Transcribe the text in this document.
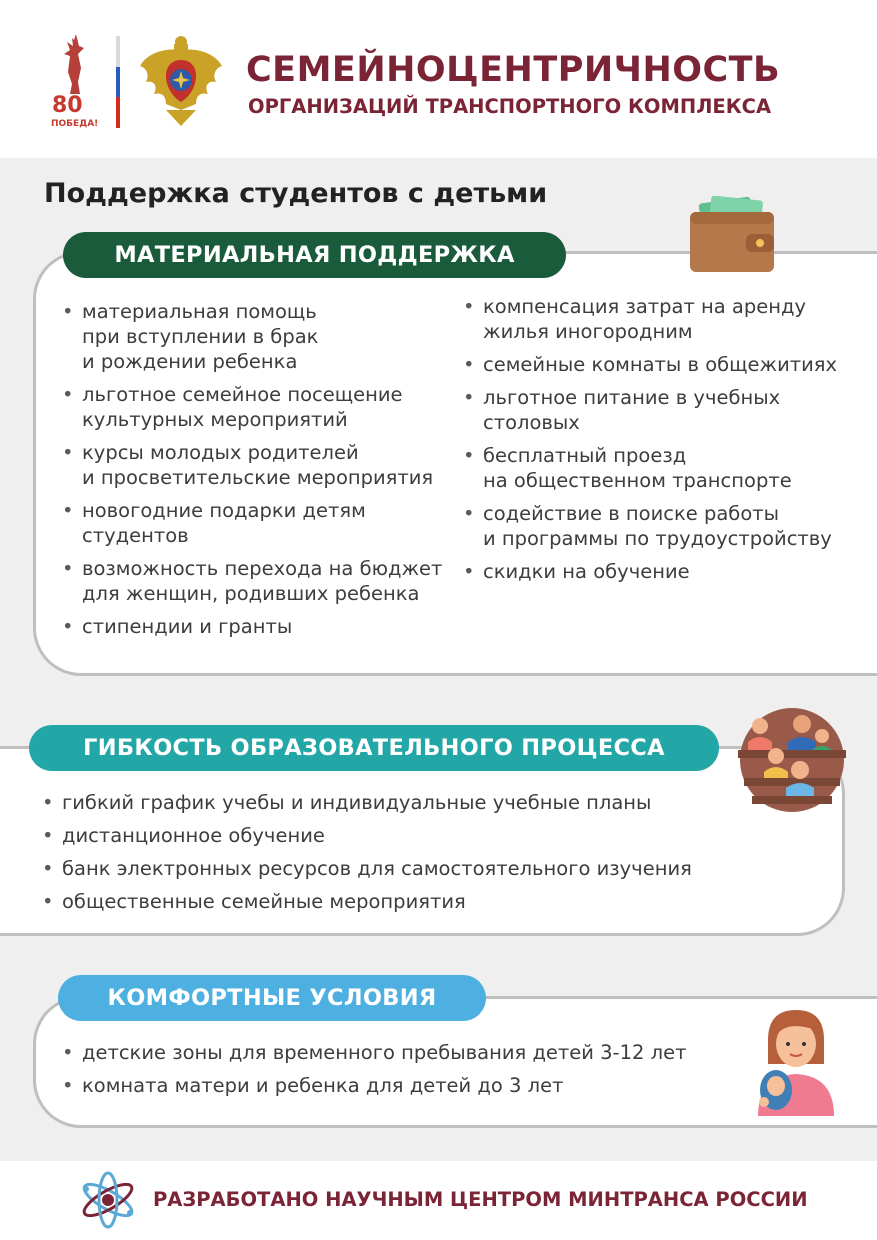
80
ПОБЕДА!
СЕМЕЙНОЦЕНТРИЧНОСТЬ
ОРГАНИЗАЦИЙ ТРАНСПОРТНОГО КОМПЛЕКСА
Поддержка студентов с детьми
МАТЕРИАЛЬНАЯ ПОДДЕРЖКА
• материальная помощь
при вступлении в брак
и рождении ребенка
• льготное семейное посещение
культурных мероприятий
• курсы молодых родителей
и просветительские мероприятия
• новогодние подарки детям
студентов
• возможность перехода на бюджет
для женщин, родивших ребенка
• стипендии и гранты
• компенсация затрат на аренду
жилья иногородним
• семейные комнаты в общежитиях
• льготное питание в учебных
столовых
• бесплатный проезд
на общественном транспорте
• содействие в поиске работы
и программы по трудоустройству
• скидки на обучение
ГИБКОСТЬ ОБРАЗОВАТЕЛЬНОГО ПРОЦЕССА
• гибкий график учебы и индивидуальные учебные планы
• дистанционное обучение
• банк электронных ресурсов для самостоятельного изучения
• общественные семейные мероприятия
КОМФОРТНЫЕ УСЛОВИЯ
• детские зоны для временного пребывания детей 3-12 лет
• комната матери и ребенка для детей до 3 лет
РАЗРАБОТАНО НАУЧНЫМ ЦЕНТРОМ МИНТРАНСА РОССИИ
